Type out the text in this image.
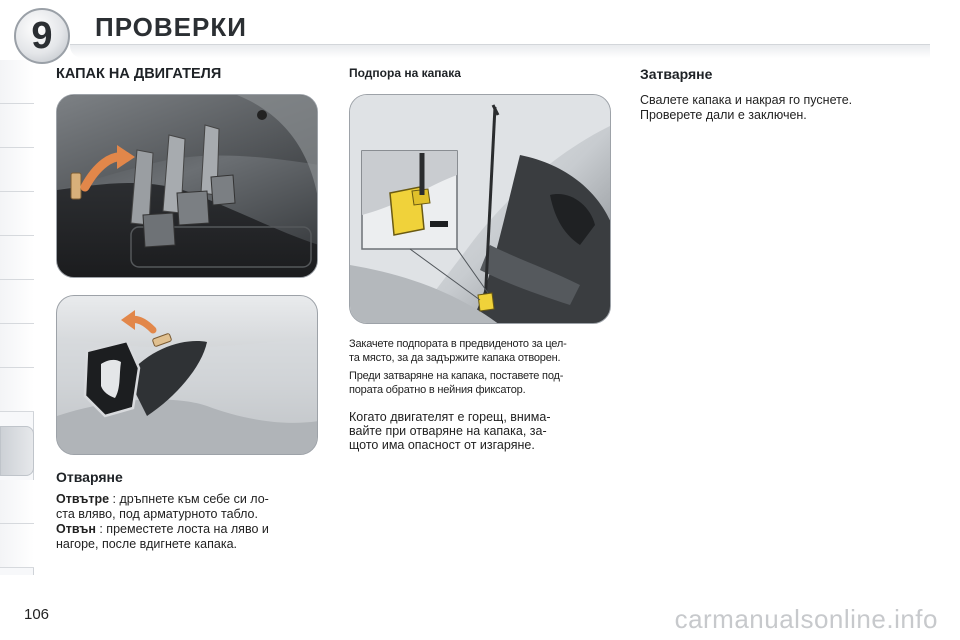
9 ПРОВЕРКИ
КАПАК НА ДВИГАТЕЛЯ
Отваряне
Отвътре : дръпнете към себе си ло-
ста вляво, под арматурното табло.
Отвън : преместете лоста на ляво и
нагоре, после вдигнете капака.
Подпора на капака
Закачете подпората в предвиденото за цел-
та място, за да задържите капака отворен.
Преди затваряне на капака, поставете под-
пората обратно в нейния фиксатор.
Когато двигателят е горещ, внима-
вайте при отваряне на капака, за-
щото има опасност от изгаряне.
Затваряне
Свалете капака и накрая го пуснете.
Проверете дали е заключен.
106	carmanualsonline.info
